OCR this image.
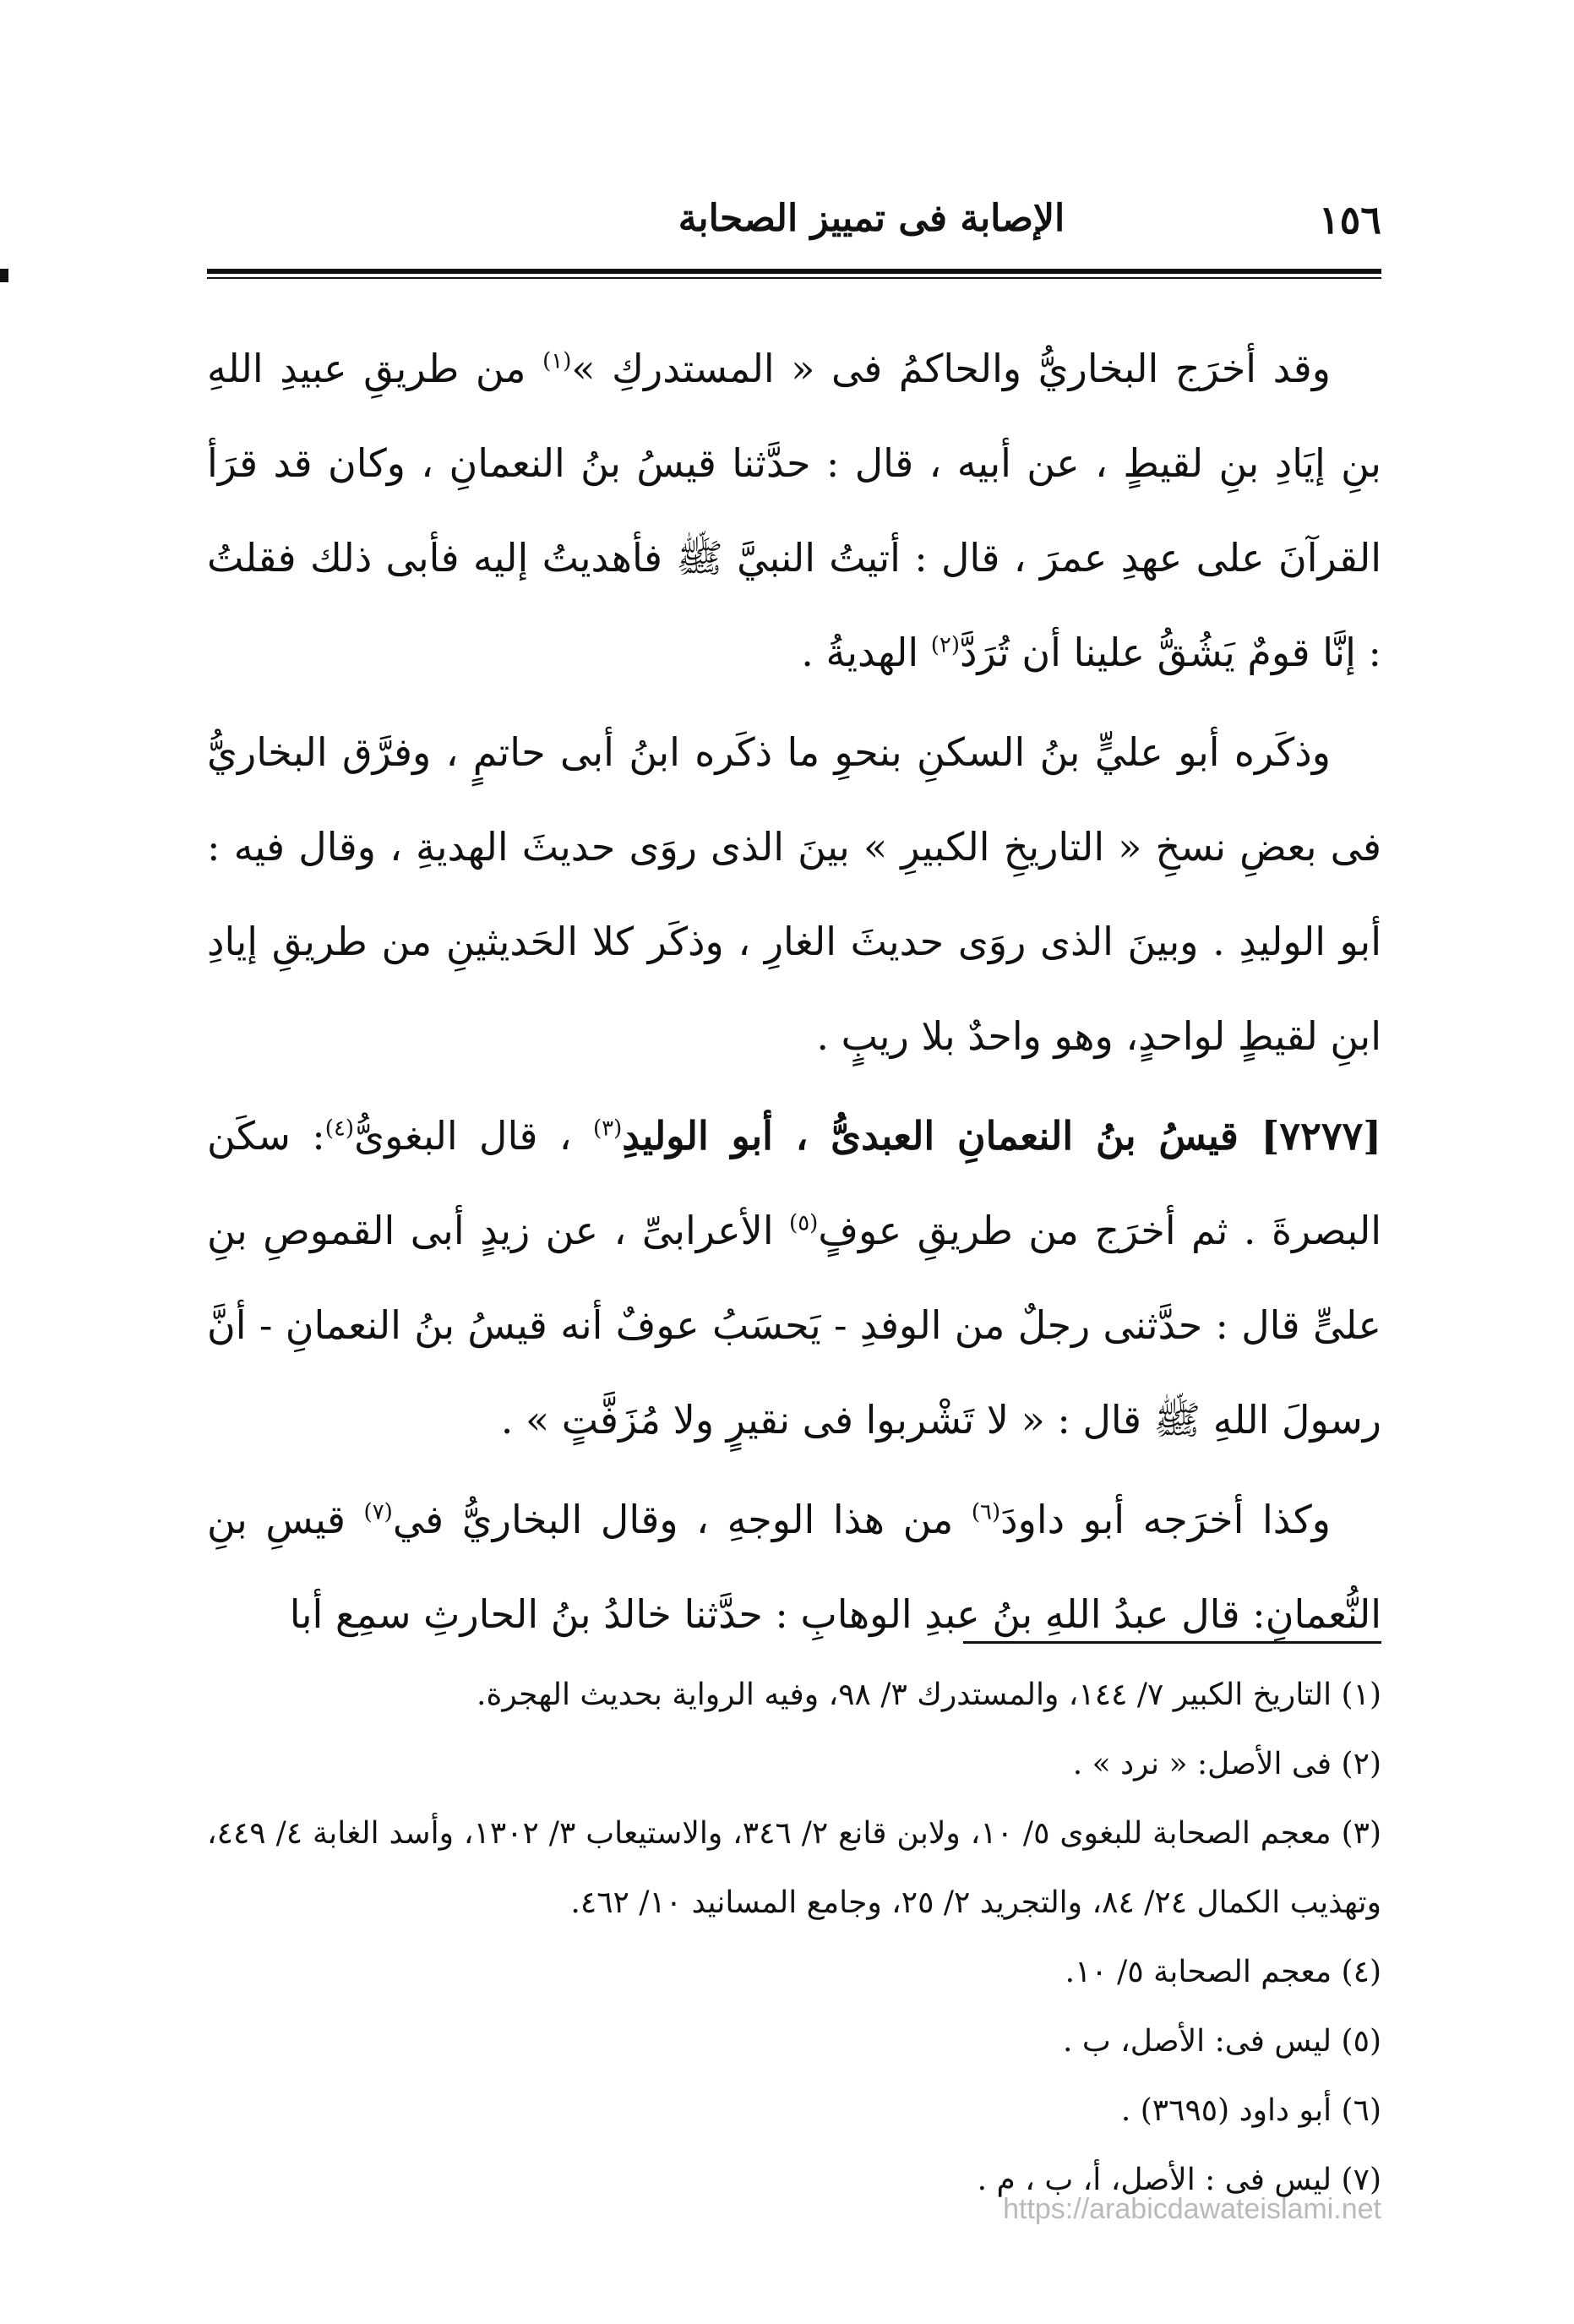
١٥٦
الإصابة فى تمييز الصحابة

وقد أخرَج البخاريُّ والحاكمُ فى « المستدركِ »$^{(١)}$ من طريقِ عبيدِ اللهِ بنِ إيَادِ بنِ لقيطٍ ، عن أبيه ، قال : حدَّثنا قيسُ بنُ النعمانِ ، وكان قد قرَأ القرآنَ على عهدِ عمرَ ، قال : أتيتُ النبيَّ ﷺ فأهديتُ إليه فأبى ذلك فقلتُ : إنَّا قومٌ يَشُقُّ علينا أن تُرَدَّ$^{(٢)}$ الهديةُ .

وذكَره أبو عليٍّ بنُ السكنِ بنحوِ ما ذكَره ابنُ أبى حاتمٍ ، وفرَّق البخاريُّ فى بعضِ نسخِ « التاريخِ الكبيرِ » بينَ الذى روَى حديثَ الهديةِ ، وقال فيه : أبو الوليدِ . وبينَ الذى روَى حديثَ الغارِ ، وذكَر كلا الحَديثينِ من طريقِ إيادِ ابنِ لقيطٍ لواحدٍ، وهو واحدٌ بلا ريبٍ .

[٧٢٧٧] قيسُ بنُ النعمانِ العبدىُّ ، أبو الوليدِ$^{(٣)}$ ، قال البغوىُّ$^{(٤)}$: سكَن البصرةَ . ثم أخرَج من طريقِ عوفٍ$^{(٥)}$ الأعرابىِّ ، عن زيدٍ أبى القموصِ بنِ علىٍّ قال : حدَّثنى رجلٌ من الوفدِ - يَحسَبُ عوفٌ أنه قيسُ بنُ النعمانِ - أنَّ رسولَ اللهِ ﷺ قال : « لا تَشْربوا فى نقيرٍ ولا مُزَفَّتٍ » .

وكذا أخرَجه أبو داودَ$^{(٦)}$ من هذا الوجهِ ، وقال البخاريُّ في$^{(٧)}$ قيسِ بنِ النُّعمانِ: قال عبدُ اللهِ بنُ عبدِ الوهابِ : حدَّثنا خالدُ بنُ الحارثِ سمِع أبا

(١) التاريخ الكبير ٧/ ١٤٤، والمستدرك ٣/ ٩٨، وفيه الرواية بحديث الهجرة.

(٢) فى الأصل: « نرد » .

(٣) معجم الصحابة للبغوى ٥/ ١٠، ولابن قانع ٢/ ٣٤٦، والاستيعاب ٣/ ١٣٠٢، وأسد الغابة ٤/ ٤٤٩، وتهذيب الكمال ٢٤/ ٨٤، والتجريد ٢/ ٢٥، وجامع المسانيد ١٠/ ٤٦٢.

(٤) معجم الصحابة ٥/ ١٠.

(٥) ليس فى: الأصل، ب .

(٦) أبو داود (٣٦٩٥) .

(٧) ليس فى : الأصل، أ، ب ، م .

https://arabicdawateislami.net
